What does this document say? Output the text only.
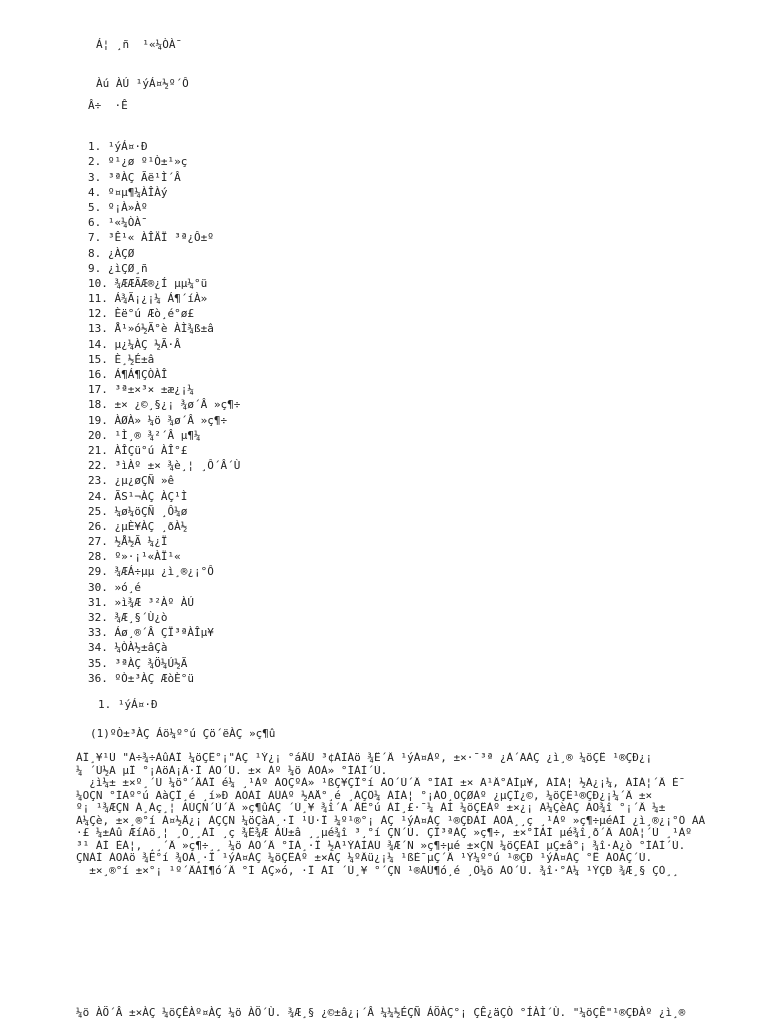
Á¦ ¸ñ  ¹«¼ÒÀ¯

Àú ÀÚ ¹ýÁ¤½º´Ô

Â÷  ·Ê

1. ¹ýÁ¤·Ð
2. º¹¿ø º¹Ò±¹»ç
3. ³ªÀÇ Ãë¹Ì´Â
4. º¤µ¶¼ÀÎÀý
5. º¡À»Àº
6. ¹«¼ÒÀ¯
7. ³Ê¹« ÀÎÄÏ ³ª¿Ô±º
8. ¿ÀÇØ
9. ¿ìÇØ¸ñ
10. ¾ÆÆÃÆ®¿Í µµ¼°ü
11. Á¾Ã¡¿¡¼ Á¶´íÀ»
12. Èë°ú Æò¸é°ø£
13. Å¹»ó½Ã°è ÀÌ¾ß±â
14. µ¿¼ÀÇ ½Ã·Â
15. È¸½É±â
16. Á¶Á¶ÇÒÀÎ
17. ³ª±×³× ±æ¿¡¼
18. ±× ¿©¸§¿¡ ¾ø´Â »ç¶÷
19. ÀØÀ» ¼ö ¾ø´Â »ç¶÷
20. ¹Ì¸® ¾²´Â µ¶¼
21. ÀÎÇü°ú ÀÎ°£
22. ³ìÀº ±× ¾è¸¦ ¸Ô´Â´Ù
23. ¿µ¿øÇÑ »ê
24. ÃS¹¬ÀÇ ÀÇ¹Ì
25. ¼ø¼öÇÑ ¸Ô¼ø
26. ¿µÈ¥ÀÇ ¸ðÀ½
27. ½Å½Ã ¼¿Ï
28. º»·¡¹«ÀÏ¹«
29. ¾ÆÁ÷µµ ¿ì¸®¿¡°Ô
30. »ó¸é
31. »ì¾Æ ³²Àº ÀÚ
32. ¾Æ¸§´Ù¿ò
33. Áø¸®´Â ÇÏ³ªÀÎµ¥
34. ¼ÒÀ½±âÇà
35. ³ªÀÇ ¾Ö¼Ú½Ã
36. ºÒ±³ÀÇ ÆòÈ°ü

1. ¹ýÁ¤·Ð
(1)ºÒ±³ÀÇ Áö¼º°ú Çö´ëÀÇ »ç¶û
ÀÎ¸¥¹Ù "Á÷¾÷ÀûÀÎ ¼öÇÊ°¡"ÀÇ ¹Ý¿¡ °áÄÚ ³¢ÀÌÁö ¾Ê´Â ¹ýÁ¤Àº, ±×·¯³ª ¿À´ÃÀÇ ¿ì¸® ¼öÇÊ ¹®ÇÐ¿¡
¼ ´Ù½Ã µÎ °¡ÁöÀ¡Â·Î ÀÖ´Ù. ±× Àº ¼ö ÀÖÀ» °ÍÀÌ´Ù.
¿ì¼± ±×º¸´Ù ¼ö°´ÂÀÎ é¼ ¸¹Àº ÀÖÇºÀ» ¹ßÇ¥ÇÏ°í ÀÖ´Ù´Â °ÍÀÌ ±× Ã¹Â°ÀÌµ¥, ÀÌÁ¦ ½Ã¿¡¼, ÀÌÁ¦´Â È¯
¼ÖÇÑ °ÍÀº°ú ÃàÇÏ¸é ¸í»Ð ÃÖÀÌ ÀÛÀº ½ÃÅ°¸é ¸ÁÇÔ¼ ÀÌÁ¦ °¡ÁÖ¸ÓÇØÀº ¿µÇÏ¿©, ¼öÇÊ¹®ÇÐ¿¡¼´Â ±×
º¡ ¹¾ÆÇÑ Á¸Àç¸¦ ÀÚÇÑ´Ù´Â »ç¶ûÀÇ ´Ù¸¥ ¾î´À ÂÊ°ú ÀÌ¸£·¯¼ ÀÌ ¼öÇÊÀº ±×¿¡ Ã¼ÇèÀÇ ÁÖ¾î °¡´Â ¼±
Ã¼Çè, ±×¸®°í Á¤½Å¿¡ ÀÇÇÑ ¼öÇàÀ¸·Î ¹Ù·Î ¼º¹®°¡ ÀÇ ¹ýÁ¤ÀÇ ¹®ÇÐÀÌ ÀÖÀ¸¸ç ¸¹Àº »ç¶÷µéÀÌ ¿ì¸®¿¡°Ô ÀÀ
·£ ¼±Àû ÆíÁö¸¦ ¸Ó¸¸ÀÌ ¸ç ¾Ë¾Æ ÀÚ±â ¸¸µé¾î ³¸°í ÇÑ´Ù. ÇÏ³ªÀÇ »ç¶÷, ±×°ÍÀÌ µé¾î¸ð´Â ÁÖÁ¦´Ù ¸¹Àº
³¹ ÀÌ ÈÁ¦, ¸¸´Â »ç¶÷¸¸ ¼ö ÀÖ´Â °ÍÀ¸·Î ½Ã¹ÝÀÌÀÚ ¾Æ´Ñ »ç¶÷µé ±×ÇÑ ¼öÇÊÀÌ µÇ±â°¡ ¾î·Á¿ò °ÍÀÌ´Ù.
ÇÑÀÌ ÀÖÁö ¾Ê°í ¾ÕÀ¸·Î ¹ýÁ¤ÀÇ ¼öÇÊÀº ±×ÀÇ ¼ºÂü¿¡¼ ¹ßÈ¯µÇ´Â ¹Ý¼º°ú ¹®ÇÐ ¹ýÁ¤ÀÇ °Ë ÁÖÀÇ´Ù.
±×¸®°í ±×°¡ ¹º´ÂÀÌ¶ó´Â °Í ÀÇ»ó, ·Î ÀÌ ´Ù¸¥ °´ÇÑ ¹®ÀÚ¶ó¸é ¸Ô¼ö ÀÖ´Ù. ¾î·°Á¼ ¹ÝÇÐ ¾Æ¸§ ÇÒ¸¸
¼ö ÀÖ´Â ±×ÀÇ ¼öÇÊÀº¤ÀÇ ¼ö ÀÖ´Ù. ¾Æ¸§ ¿©±â¿¡´Â ¼¼½ÉÇÑ ÁÖÀÇ°¡ ÇÊ¿äÇÒ °ÍÀÌ´Ù. "¼öÇÊ"¹®ÇÐÀº ¿ì¸®
